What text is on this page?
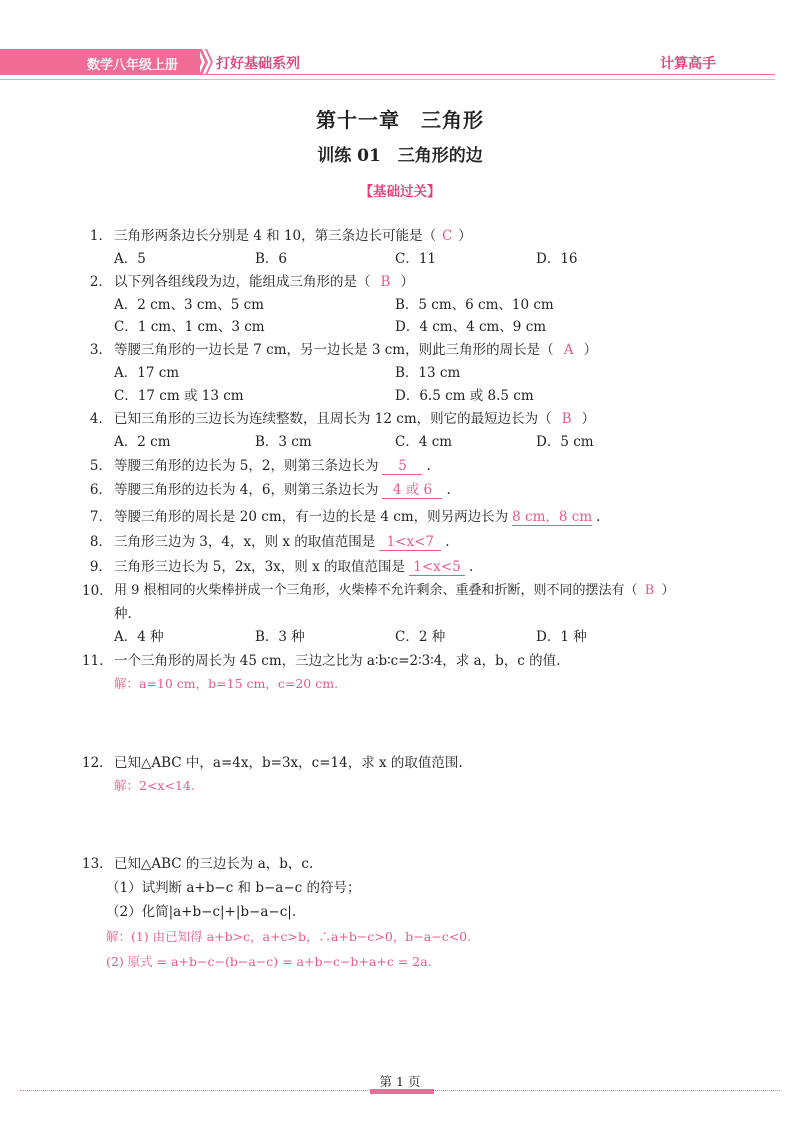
数学八年级上册	打好基础系列	计算高手
第十一章　三角形
训练 01　三角形的边
【基础过关】
1． 三角形两条边长分别是 4 和 10，第三条边长可能是（ C ）
A．5	B．6	C．11	D．16
2． 以下列各组线段为边，能组成三角形的是（ B ）
A．2 cm、3 cm、5 cm	B．5 cm、6 cm、10 cm
C．1 cm、1 cm、3 cm	D．4 cm、4 cm、9 cm
3． 等腰三角形的一边长是 7 cm，另一边长是 3 cm，则此三角形的周长是（ A ）
A．17 cm	B．13 cm
C．17 cm 或 13 cm	D．6.5 cm 或 8.5 cm
4． 已知三角形的三边长为连续整数，且周长为 12 cm，则它的最短边长为（ B ）
A．2 cm	B．3 cm	C．4 cm	D．5 cm
5． 等腰三角形的边长为 5，2，则第三条边长为 5 .
6． 等腰三角形的边长为 4，6，则第三条边长为 4 或 6 .
7． 等腰三角形的周长是 20 cm，有一边的长是 4 cm，则另两边长为 8 cm，8 cm .
8． 三角形三边为 3，4，x，则 x 的取值范围是 1<x<7 .
9． 三角形三边长为 5，2x，3x，则 x 的取值范围是 1<x<5 .
10． 用 9 根相同的火柴棒拼成一个三角形，火柴棒不允许剩余、重叠和折断，则不同的摆法有（ B ）
种.
A．4 种	B．3 种	C．2 种	D．1 种
11． 一个三角形的周长为 45 cm，三边之比为 a∶b∶c=2∶3∶4，求 a，b，c 的值.
解：a=10 cm，b=15 cm，c=20 cm.
12． 已知△ABC 中，a=4x，b=3x，c=14，求 x 的取值范围.
解：2<x<14.
13． 已知△ABC 的三边长为 a，b，c.
（1）试判断 a+b−c 和 b−a−c 的符号；
（2）化简|a+b−c|+|b−a−c|.
解：(1) 由已知得 a+b>c，a+c>b，∴a+b−c>0，b−a−c<0.
(2) 原式 = a+b−c−(b−a−c) = a+b−c−b+a+c = 2a.
第 1 页
